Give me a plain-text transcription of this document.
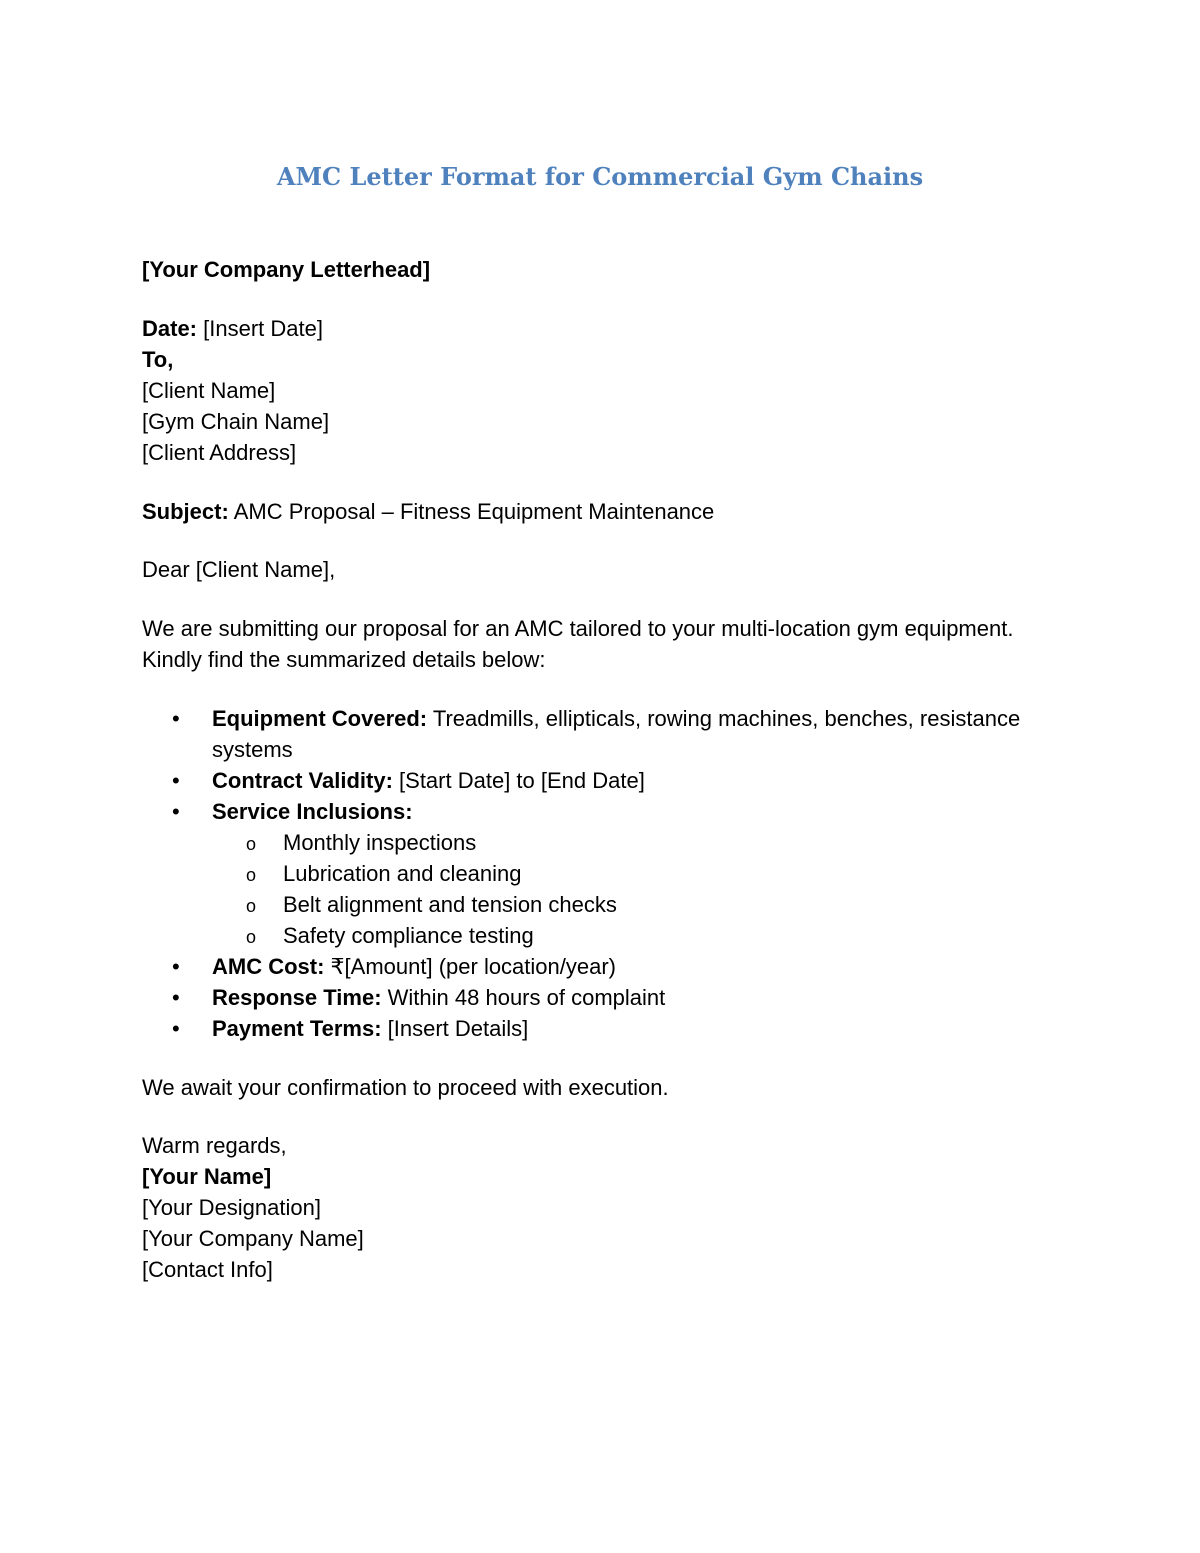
AMC Letter Format for Commercial Gym Chains
[Your Company Letterhead]
Date: [Insert Date]
To,
[Client Name]
[Gym Chain Name]
[Client Address]
Subject: AMC Proposal – Fitness Equipment Maintenance
Dear [Client Name],
We are submitting our proposal for an AMC tailored to your multi-location gym equipment. Kindly find the summarized details below:
• Equipment Covered: Treadmills, ellipticals, rowing machines, benches, resistance systems
• Contract Validity: [Start Date] to [End Date]
• Service Inclusions:
o Monthly inspections
o Lubrication and cleaning
o Belt alignment and tension checks
o Safety compliance testing
• AMC Cost: ₹[Amount] (per location/year)
• Response Time: Within 48 hours of complaint
• Payment Terms: [Insert Details]
We await your confirmation to proceed with execution.
Warm regards,
[Your Name]
[Your Designation]
[Your Company Name]
[Contact Info]
